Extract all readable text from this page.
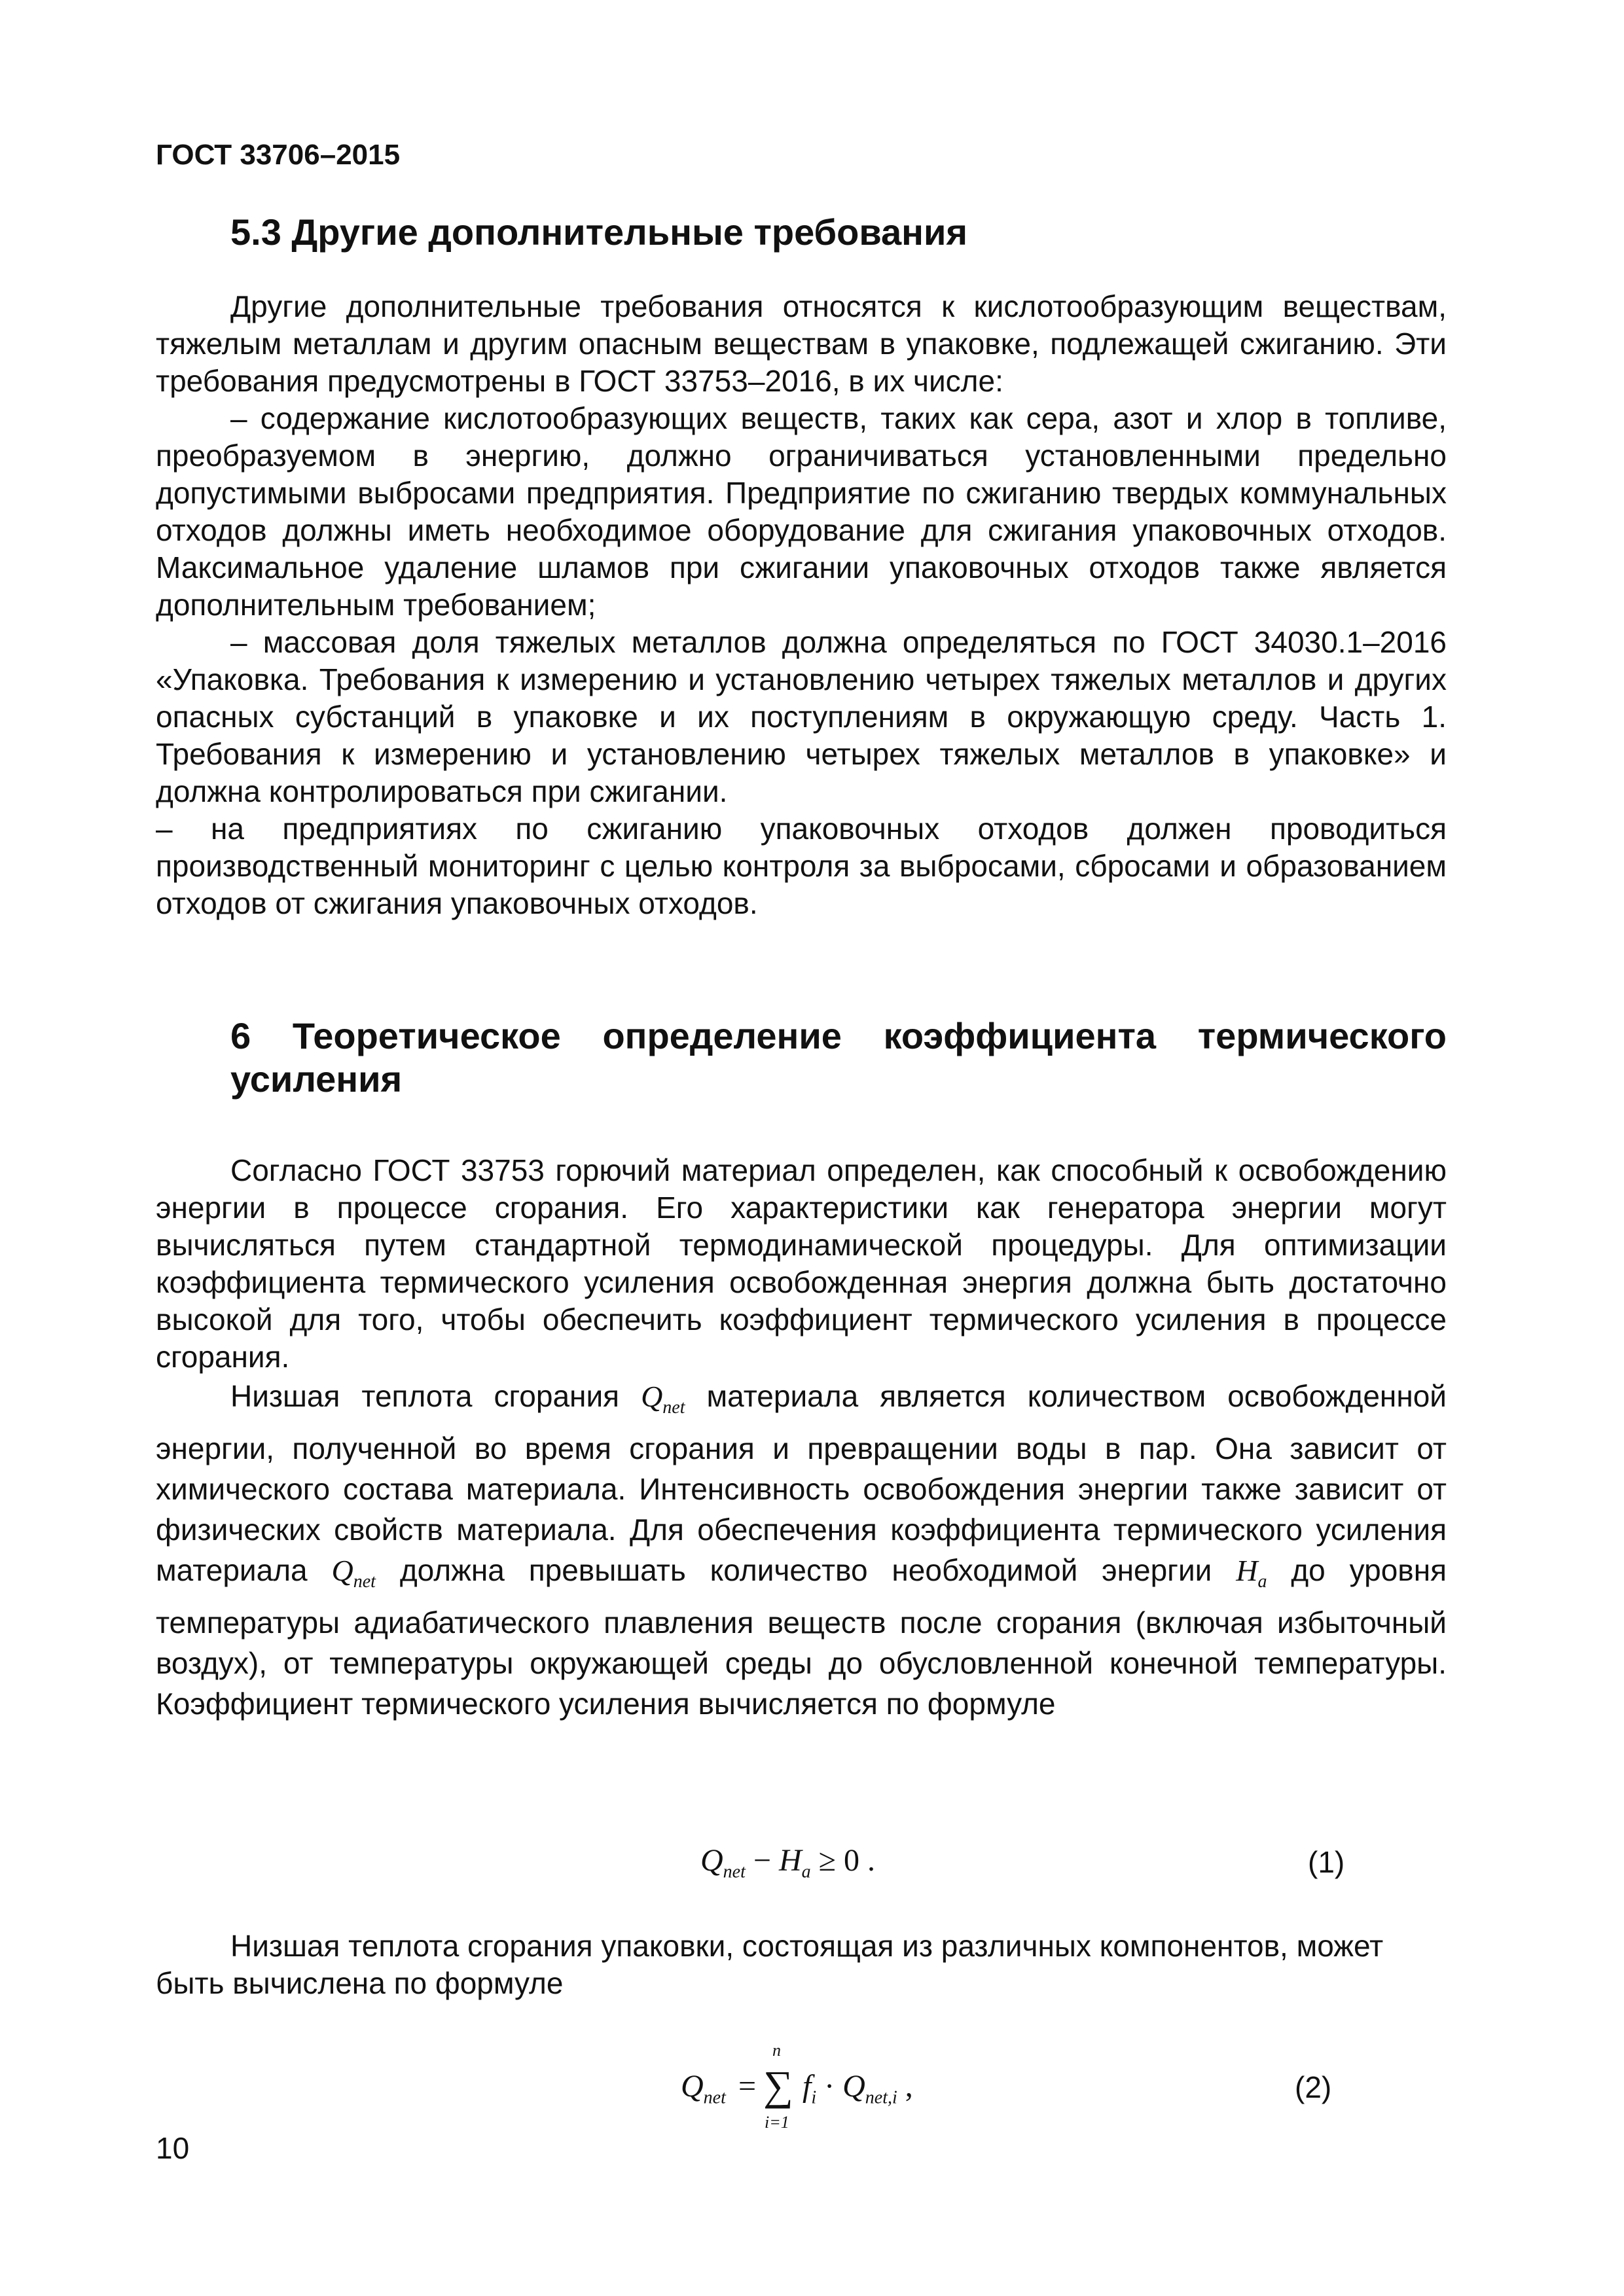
ГОСТ 33706–2015
5.3 Другие дополнительные требования

Другие дополнительные требования относятся к кислотообразующим веществам, тяжелым металлам и другим опасным веществам в упаковке, подлежащей сжиганию. Эти требования предусмотрены в ГОСТ 33753–2016, в их числе:

– содержание кислотообразующих веществ, таких как сера, азот и хлор в топливе, преобразуемом в энергию, должно ограничиваться установленными предельно допустимыми выбросами предприятия. Предприятие по сжиганию твердых коммунальных отходов должны иметь необходимое оборудование для сжигания упаковочных отходов. Максимальное удаление шламов при сжигании упаковочных отходов также является дополнительным требованием;

– массовая доля тяжелых металлов должна определяться по ГОСТ 34030.1–2016 «Упаковка. Требования к измерению и установлению четырех тяжелых металлов и других опасных субстанций в упаковке и их поступлениям в окружающую среду. Часть 1. Требования к измерению и установлению четырех тяжелых металлов в упаковке» и должна контролироваться при сжигании.

– на предприятиях по сжиганию упаковочных отходов должен проводиться производственный мониторинг с целью контроля за выбросами, сбросами и образованием отходов от сжигания упаковочных отходов.

6 Теоретическое определение коэффициента термического
усиления

Согласно ГОСТ 33753 горючий материал определен, как способный к освобождению энергии в процессе сгорания. Его характеристики как генератора энергии могут вычисляться путем стандартной термодинамической процедуры. Для оптимизации коэффициента термического усиления освобожденная энергия должна быть достаточно высокой для того, чтобы обеспечить коэффициент термического усиления в процессе сгорания.

Низшая теплота сгорания $Q_{net}$ материала является количеством освобожденной энергии, полученной во время сгорания и превращении воды в пар. Она зависит от химического состава материала. Интенсивность освобождения энергии также зависит от физических свойств материала. Для обеспечения коэффициента термического усиления материала $Q_{net}$ должна превышать количество необходимой энергии $H_a$ до уровня температуры адиабатического плавления веществ после сгорания (включая избыточный воздух), от температуры окружающей среды до обусловленной конечной температуры. Коэффициент термического усиления вычисляется по формуле

$Q_{net} - H_a \ge 0$ .	(1)

Низшая теплота сгорания упаковки, состоящая из различных компонентов, может быть вычислена по формуле

$Q_{net}$ =
n
∑
i=1
$f_i \cdot Q_{net,i}$ ,	(2)
10
